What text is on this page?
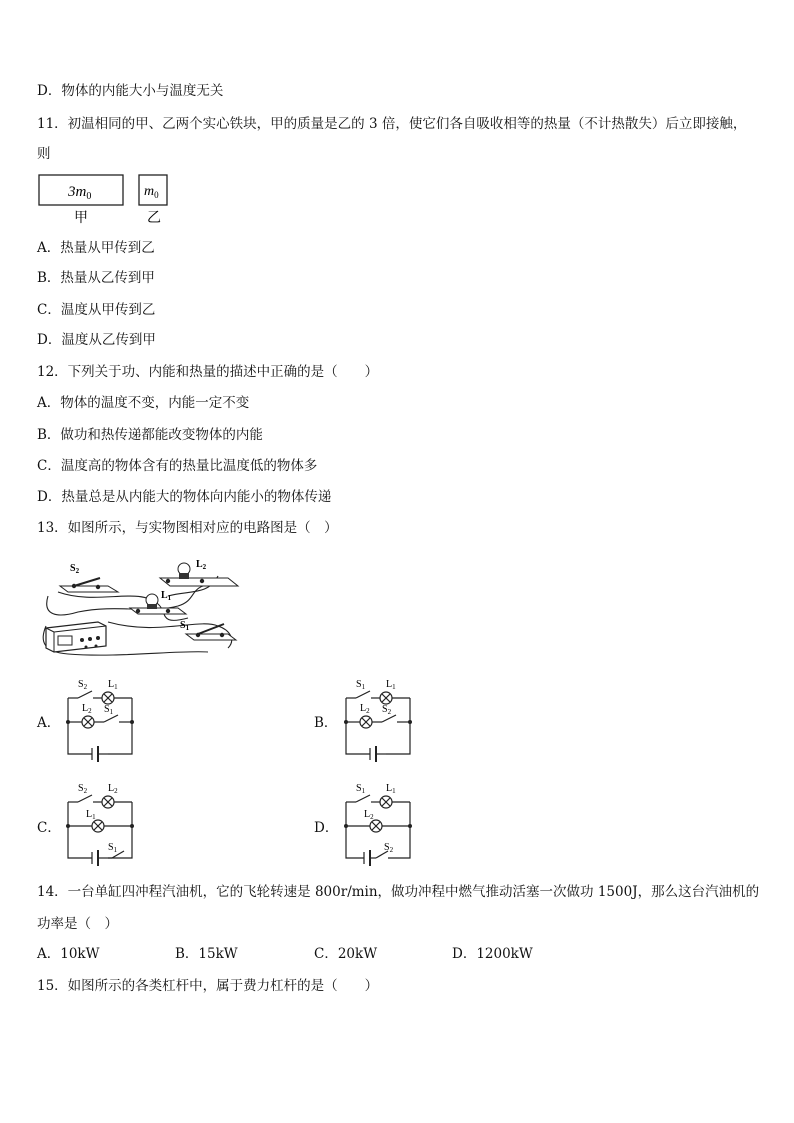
D．物体的内能大小与温度无关
11．初温相同的甲、乙两个实心铁块，甲的质量是乙的 3 倍，使它们各自吸收相等的热量（不计热散失）后立即接触，
则
$3m_0$	$m_0$
甲	乙
A．热量从甲传到乙
B．热量从乙传到甲
C．温度从甲传到乙
D．温度从乙传到甲
12．下列关于功、内能和热量的描述中正确的是（　　）
A．物体的温度不变，内能一定不变
B．做功和热传递都能改变物体的内能
C．温度高的物体含有的热量比温度低的物体多
D．热量总是从内能大的物体向内能小的物体传递
13．如图所示，与实物图相对应的电路图是（　）
$S_2$
$L_2$
$L_1$
$S_1$
A．	B．
C．	D．
$S_2$ $L_1$
$L_2$ $S_1$
$S_1$ $L_1$
$L_2$ $S_2$
$S_2$ $L_2$
$L_1$
$S_1$
$S_1$ $L_1$
$L_2$
$S_2$
14．一台单缸四冲程汽油机，它的飞轮转速是 800r/min，做功冲程中燃气推动活塞一次做功 1500J，那么这台汽油机的
功率是（　）
A．10kW	B．15kW	C．20kW	D．1200kW
15．如图所示的各类杠杆中，属于费力杠杆的是（　　）
